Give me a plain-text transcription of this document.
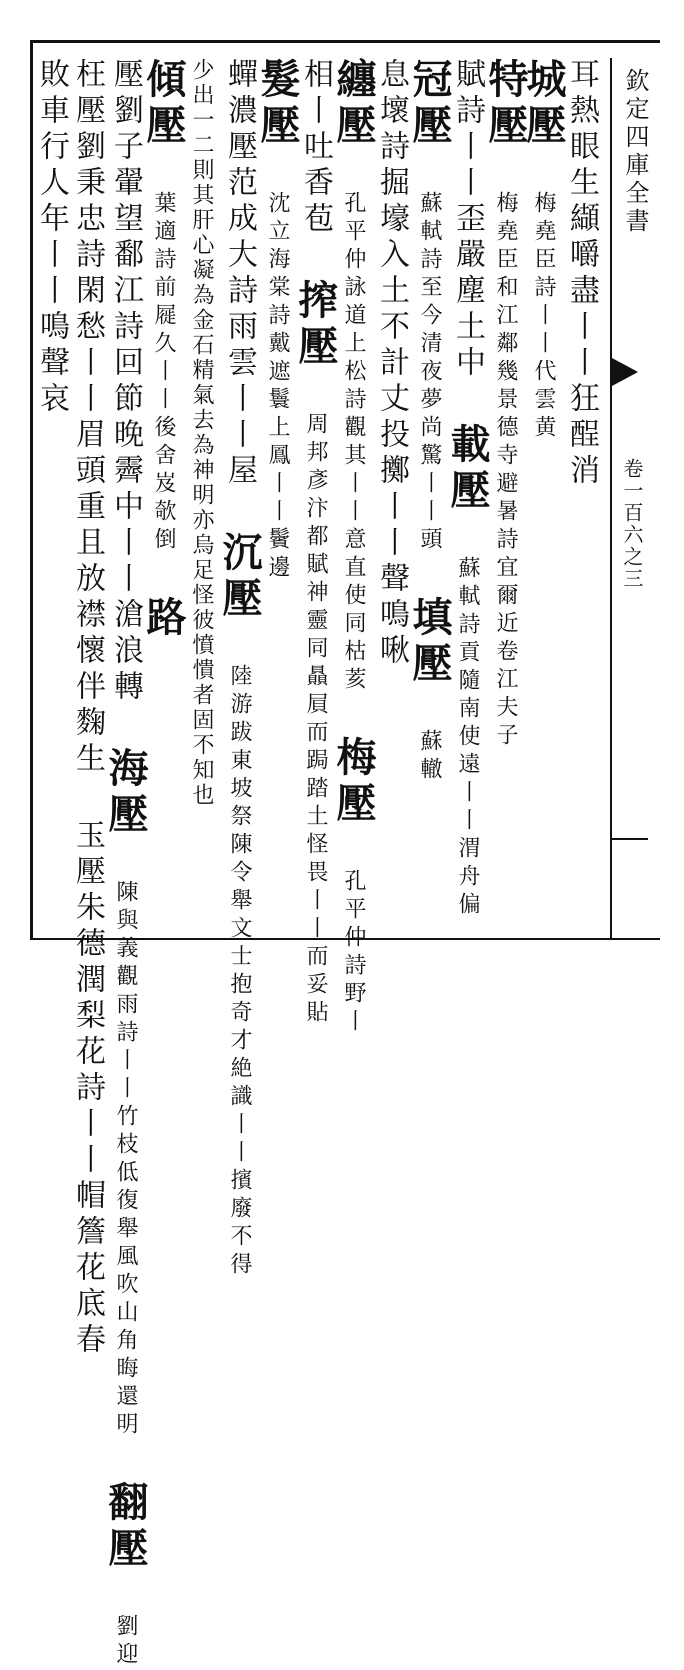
欽定四庫全書
卷一百六之三
耳熱眼生纈嚼盡丨丨狂酲消
城壓 梅堯臣詩丨丨代雲黄
特壓 梅堯臣和江鄰幾景德寺避暑詩宜爾近卷江夫子
賦詩丨丨歪嚴塵土中 載壓 蘇軾詩貢隨南使遠丨丨渭舟偏
冠壓 蘇軾詩至今清夜夢尚驚丨丨頭 填壓 蘇轍
息壞詩掘壕入土不計丈投擲丨丨聲鳴啾
纏壓 孔平仲詠道上松詩觀其丨丨意直使同枯荄 梅壓 孔平仲詩野丨
相丨吐香苞 搾壓 周邦彥汴都賦神靈同贔屓而跼踏土怪畏丨丨而妥貼
髮壓 沈立海棠詩戴遮鬟上鳳丨丨鬢邊
蟬濃壓范成大詩雨雲丨丨屋 沉壓 陸游跋東坡祭陳令舉文士抱奇才絶識丨丨擯廢不得
少出一二則其肝心凝為金石精氣去為神明亦烏足怪彼憤憒者固不知也
傾壓 葉適詩前屣久丨丨後舍岌欹倒 路
壓劉子翬望鄱江詩回節晚霽中丨丨滄浪轉 海壓 陳與義觀雨詩丨丨竹枝低復舉風吹山角晦還明 翻壓 劉迎
枉壓劉秉忠詩閑愁丨丨眉頭重且放襟懷伴麴生 玉壓朱德潤梨花詩丨丨帽簷花底春
敗車行人年丨丨鳴聲哀
